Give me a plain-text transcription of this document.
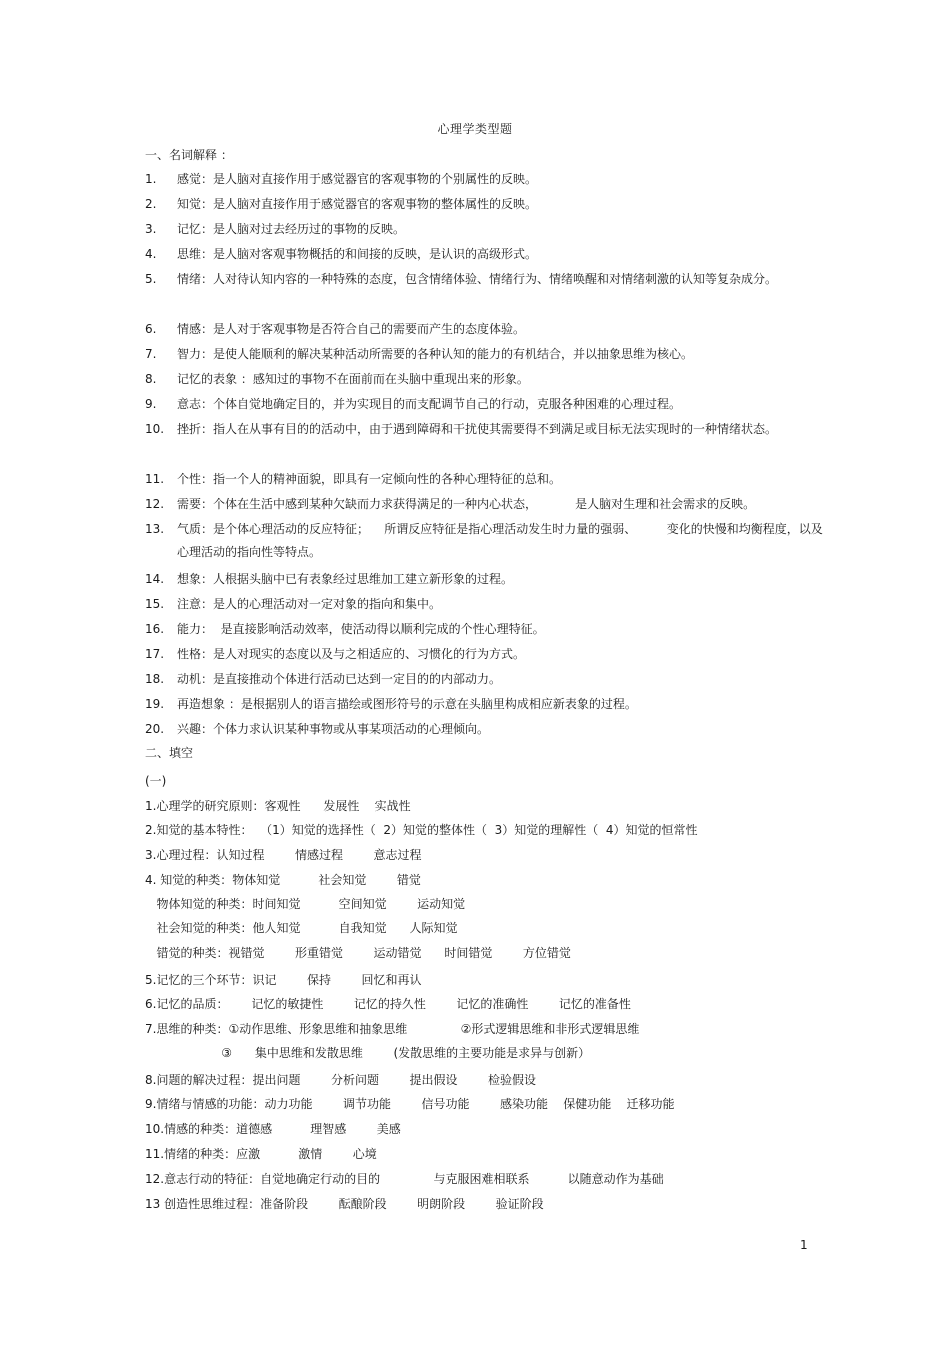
心理学类型题
一、名词解释 ：
1.	感觉：是人脑对直接作用于感觉器官的客观事物的个别属性的反映。
2.	知觉：是人脑对直接作用于感觉器官的客观事物的整体属性的反映。
3.	记忆：是人脑对过去经历过的事物的反映。
4.	思维：是人脑对客观事物概括的和间接的反映，是认识的高级形式。
5.	情绪：人对待认知内容的一种特殊的态度，包含情绪体验、情绪行为、情绪唤醒和对情绪刺激的认知等复杂成分。
6.	情感：是人对于客观事物是否符合自己的需要而产生的态度体验。
7.	智力：是使人能顺利的解决某种活动所需要的各种认知的能力的有机结合，并以抽象思维为核心。
8.	记忆的表象 ：感知过的事物不在面前而在头脑中重现出来的形象。
9.	意志：个体自觉地确定目的，并为实现目的而支配调节自己的行动，克服各种困难的心理过程。
10.	挫折：指人在从事有目的的活动中，由于遇到障碍和干扰使其需要得不到满足或目标无法实现时的一种情绪状态。
11.	个性：指一个人的精神面貌，即具有一定倾向性的各种心理特征的总和。
12.	需要：个体在生活中感到某种欠缺而力求获得满足的一种内心状态，          是人脑对生理和社会需求的反映。
13.	气质：是个体心理活动的反应特征；    所谓反应特征是指心理活动发生时力量的强弱、        变化的快慢和均衡程度，以及心理活动的指向性等特点。
14.	想象：人根据头脑中已有表象经过思维加工建立新形象的过程。
15.	注意：是人的心理活动对一定对象的指向和集中。
16.	能力：  是直接影响活动效率，使活动得以顺利完成的个性心理特征。
17.	性格：是人对现实的态度以及与之相适应的、习惯化的行为方式。
18.	动机：是直接推动个体进行活动已达到一定目的的内部动力。
19.	再造想象 ：是根据别人的语言描绘或图形符号的示意在头脑里构成相应新表象的过程。
20.	兴趣：个体力求认识某种事物或从事某项活动的心理倾向。
二、填空
(一)
1.心理学的研究原则：客观性      发展性    实战性
2.知觉的基本特性：  （1）知觉的选择性（  2）知觉的整体性（  3）知觉的理解性（  4）知觉的恒常性
3.心理过程：认知过程        情感过程        意志过程
4. 知觉的种类：物体知觉          社会知觉        错觉
物体知觉的种类：时间知觉          空间知觉        运动知觉
社会知觉的种类：他人知觉          自我知觉      人际知觉
错觉的种类：视错觉        形重错觉        运动错觉      时间错觉        方位错觉
5.记忆的三个环节：识记        保持        回忆和再认
6.记忆的品质：      记忆的敏捷性        记忆的持久性        记忆的准确性        记忆的准备性
7.思维的种类：①动作思维、形象思维和抽象思维              ②形式逻辑思维和非形式逻辑思维
③      集中思维和发散思维        (发散思维的主要功能是求异与创新）
8.问题的解决过程：提出问题        分析问题        提出假设        检验假设
9.情绪与情感的功能：动力功能        调节功能        信号功能        感染功能    保健功能    迁移功能
10.情感的种类：道德感          理智感        美感
11.情绪的种类：应激          激情        心境
12.意志行动的特征：自觉地确定行动的目的              与克服困难相联系          以随意动作为基础
13 创造性思维过程：准备阶段        酝酿阶段        明朗阶段        验证阶段
1
